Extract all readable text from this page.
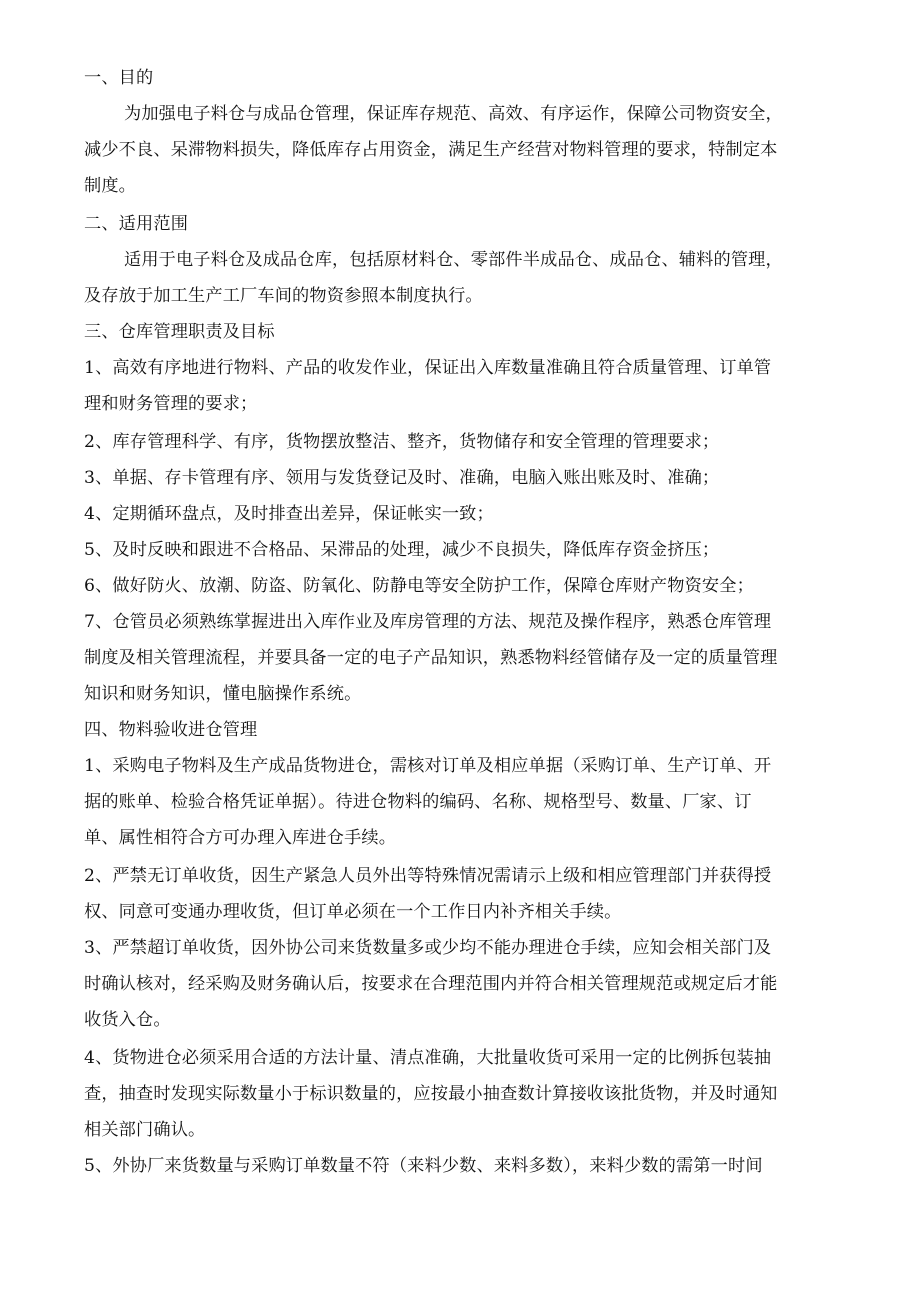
一、目的
为加强电子料仓与成品仓管理，保证库存规范、高效、有序运作，保障公司物资安全，
减少不良、呆滞物料损失，降低库存占用资金，满足生产经营对物料管理的要求，特制定本
制度。
二、适用范围
适用于电子料仓及成品仓库，包括原材料仓、零部件半成品仓、成品仓、辅料的管理，
及存放于加工生产工厂车间的物资参照本制度执行。
三、仓库管理职责及目标
1、高效有序地进行物料、产品的收发作业，保证出入库数量准确且符合质量管理、订单管
理和财务管理的要求；
2、库存管理科学、有序，货物摆放整洁、整齐，货物储存和安全管理的管理要求；
3、单据、存卡管理有序、领用与发货登记及时、准确，电脑入账出账及时、准确；
4、定期循环盘点，及时排查出差异，保证帐实一致；
5、及时反映和跟进不合格品、呆滞品的处理，减少不良损失，降低库存资金挤压；
6、做好防火、放潮、防盗、防氧化、防静电等安全防护工作，保障仓库财产物资安全；
7、仓管员必须熟练掌握进出入库作业及库房管理的方法、规范及操作程序，熟悉仓库管理
制度及相关管理流程，并要具备一定的电子产品知识，熟悉物料经管储存及一定的质量管理
知识和财务知识，懂电脑操作系统。
四、物料验收进仓管理
1、采购电子物料及生产成品货物进仓，需核对订单及相应单据（采购订单、生产订单、开
据的账单、检验合格凭证单据）。待进仓物料的编码、名称、规格型号、数量、厂家、订
单、属性相符合方可办理入库进仓手续。
2、严禁无订单收货，因生产紧急人员外出等特殊情况需请示上级和相应管理部门并获得授
权、同意可变通办理收货，但订单必须在一个工作日内补齐相关手续。
3、严禁超订单收货，因外协公司来货数量多或少均不能办理进仓手续，应知会相关部门及
时确认核对，经采购及财务确认后，按要求在合理范围内并符合相关管理规范或规定后才能
收货入仓。
4、货物进仓必须采用合适的方法计量、清点准确，大批量收货可采用一定的比例拆包装抽
查，抽查时发现实际数量小于标识数量的，应按最小抽查数计算接收该批货物，并及时通知
相关部门确认。
5、外协厂来货数量与采购订单数量不符（来料少数、来料多数），来料少数的需第一时间
